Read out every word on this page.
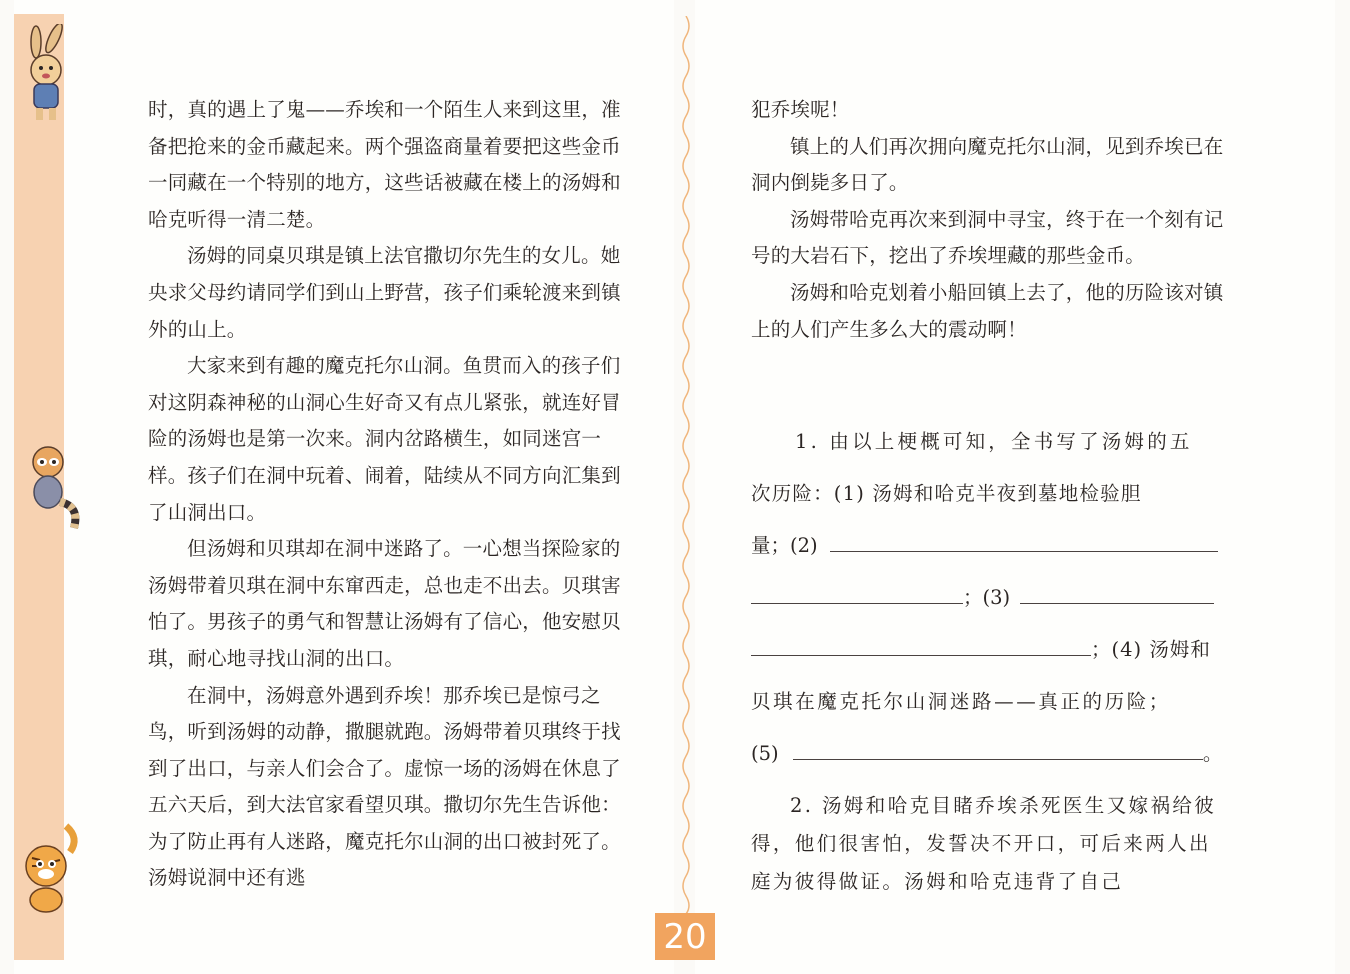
时，真的遇上了鬼——乔埃和一个陌生人来到这里，准备把抢来的金币藏起来。两个强盗商量着要把这些金币一同藏在一个特别的地方，这些话被藏在楼上的汤姆和哈克听得一清二楚。

汤姆的同桌贝琪是镇上法官撒切尔先生的女儿。她央求父母约请同学们到山上野营，孩子们乘轮渡来到镇外的山上。

大家来到有趣的魔克托尔山洞。鱼贯而入的孩子们对这阴森神秘的山洞心生好奇又有点儿紧张，就连好冒险的汤姆也是第一次来。洞内岔路横生，如同迷宫一样。孩子们在洞中玩着、闹着，陆续从不同方向汇集到了山洞出口。

但汤姆和贝琪却在洞中迷路了。一心想当探险家的汤姆带着贝琪在洞中东窜西走，总也走不出去。贝琪害怕了。男孩子的勇气和智慧让汤姆有了信心，他安慰贝琪，耐心地寻找山洞的出口。

在洞中，汤姆意外遇到乔埃！那乔埃已是惊弓之鸟，听到汤姆的动静，撒腿就跑。汤姆带着贝琪终于找到了出口，与亲人们会合了。虚惊一场的汤姆在休息了五六天后，到大法官家看望贝琪。撒切尔先生告诉他：为了防止再有人迷路，魔克托尔山洞的出口被封死了。汤姆说洞中还有逃

犯乔埃呢！

镇上的人们再次拥向魔克托尔山洞，见到乔埃已在洞内倒毙多日了。

汤姆带哈克再次来到洞中寻宝，终于在一个刻有记号的大岩石下，挖出了乔埃埋藏的那些金币。

汤姆和哈克划着小船回镇上去了，他的历险该对镇上的人们产生多么大的震动啊！

1. 由以上梗概可知，全书写了汤姆的五
次历险：(1) 汤姆和哈克半夜到墓地检验胆
量；(2)
；(3)
；(4) 汤姆和
贝琪在魔克托尔山洞迷路——真正的历险；
(5)	。

2. 汤姆和哈克目睹乔埃杀死医生又嫁祸给彼得，他们很害怕，发誓决不开口，可后来两人出庭为彼得做证。汤姆和哈克违背了自己

20
